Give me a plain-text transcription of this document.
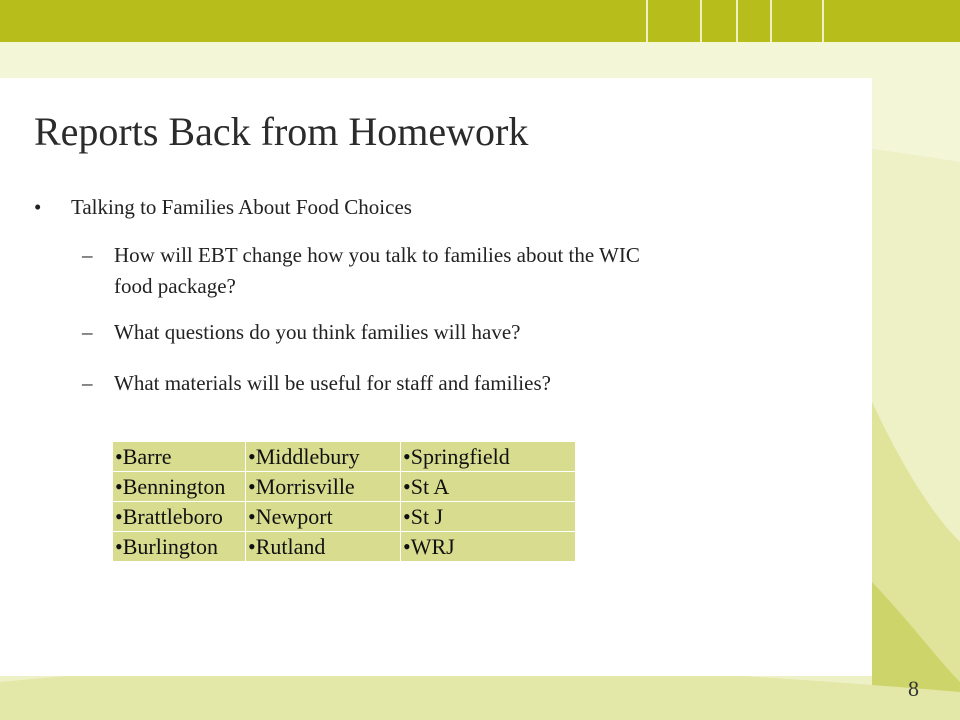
Reports Back from Homework
• Talking to Families About Food Choices
– How will EBT change how you talk to families about the WIC
food package?
– What questions do you think families will have?
– What materials will be useful for staff and families?
•Barre	•Middlebury	•Springfield
•Bennington	•Morrisville	•St A
•Brattleboro	•Newport	•St J
•Burlington	•Rutland	•WRJ
8
